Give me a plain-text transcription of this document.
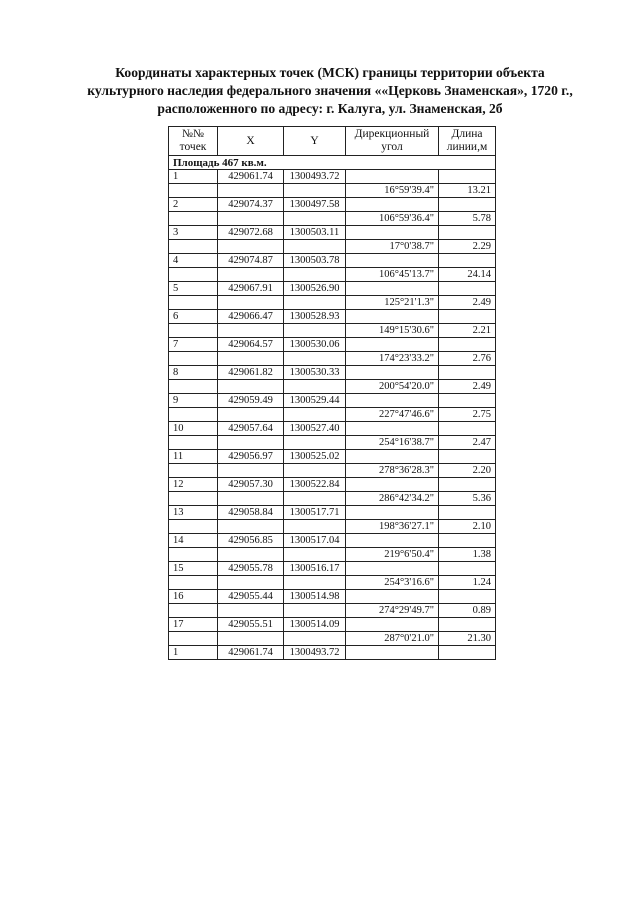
Координаты характерных точек (МСК) границы территории объекта
культурного наследия федерального значения ««Церковь Знаменская», 1720 г.,
расположенного по адресу: г. Калуга, ул. Знаменская, 2б
№№ точек	X	Y	Дирекционный угол	Длина линии,м
Площадь 467 кв.м.				
1	429061.74	1300493.72		
			16°59'39.4"	13.21
2	429074.37	1300497.58		
			106°59'36.4"	5.78
3	429072.68	1300503.11		
			17°0'38.7"	2.29
4	429074.87	1300503.78		
			106°45'13.7"	24.14
5	429067.91	1300526.90		
			125°21'1.3"	2.49
6	429066.47	1300528.93		
			149°15'30.6"	2.21
7	429064.57	1300530.06		
			174°23'33.2"	2.76
8	429061.82	1300530.33		
			200°54'20.0"	2.49
9	429059.49	1300529.44		
			227°47'46.6"	2.75
10	429057.64	1300527.40		
			254°16'38.7"	2.47
11	429056.97	1300525.02		
			278°36'28.3"	2.20
12	429057.30	1300522.84		
			286°42'34.2"	5.36
13	429058.84	1300517.71		
			198°36'27.1"	2.10
14	429056.85	1300517.04		
			219°6'50.4"	1.38
15	429055.78	1300516.17		
			254°3'16.6"	1.24
16	429055.44	1300514.98		
			274°29'49.7"	0.89
17	429055.51	1300514.09		
			287°0'21.0"	21.30
1	429061.74	1300493.72		
